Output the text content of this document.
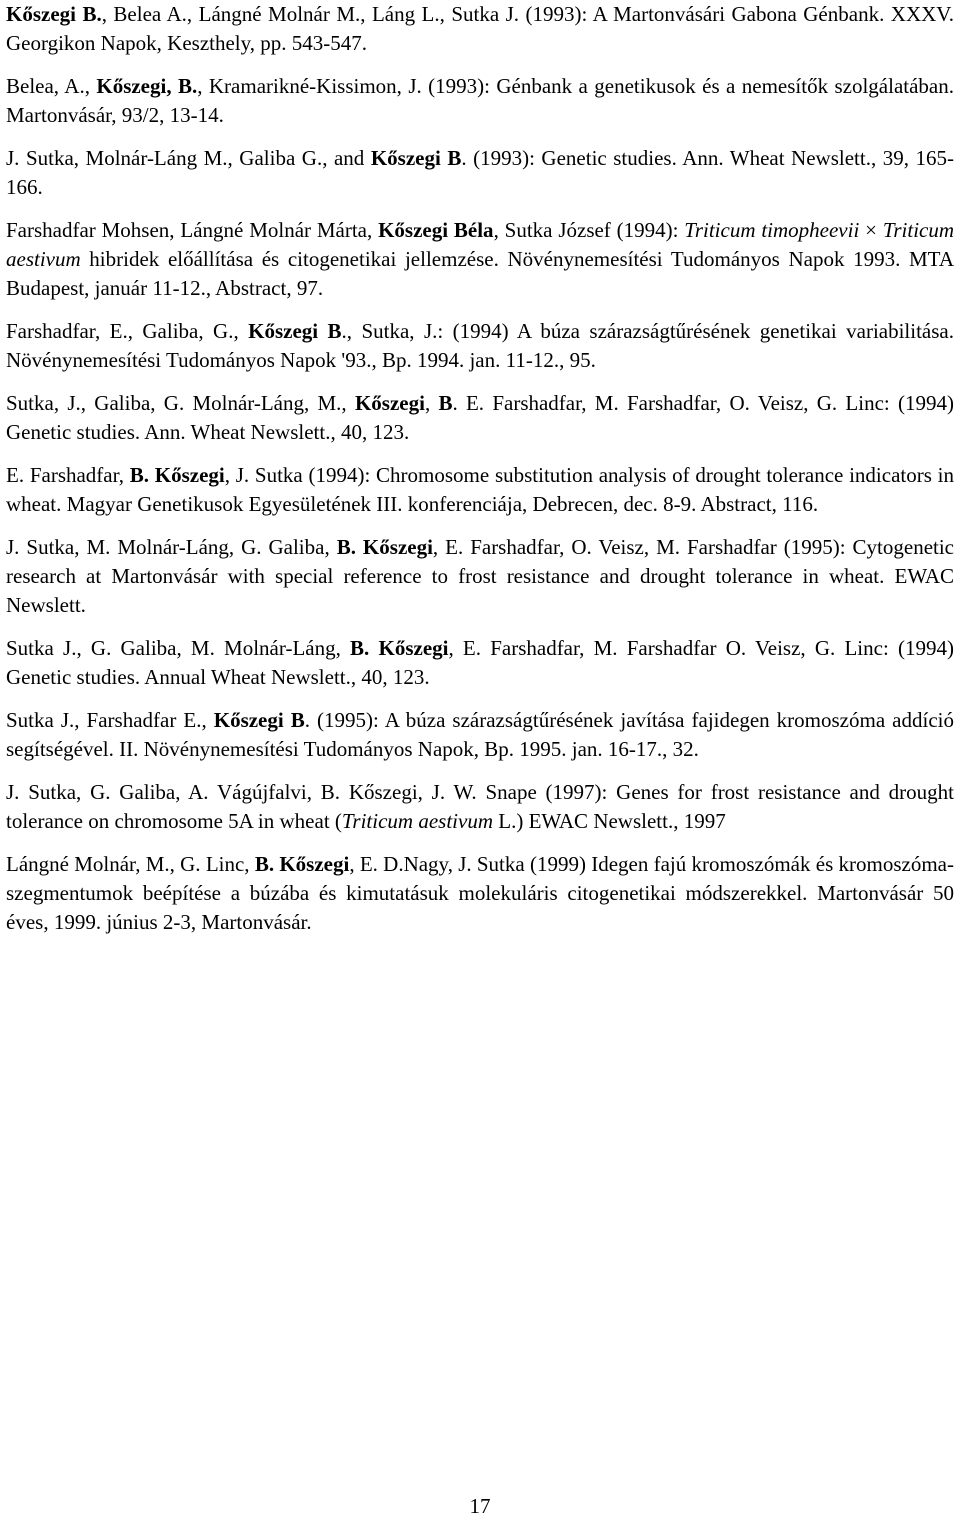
Kőszegi B., Belea A., Lángné Molnár M., Láng L., Sutka J. (1993): A Martonvásári Gabona Génbank. XXXV. Georgikon Napok, Keszthely, pp. 543-547.

Belea, A., Kőszegi, B., Kramarikné-Kissimon, J. (1993): Génbank a genetikusok és a nemesítők szolgálatában. Martonvásár, 93/2, 13-14.

J. Sutka, Molnár-Láng M., Galiba G., and Kőszegi B. (1993): Genetic studies. Ann. Wheat Newslett., 39, 165-166.

Farshadfar Mohsen, Lángné Molnár Márta, Kőszegi Béla, Sutka József (1994): Triticum timopheevii × Triticum aestivum hibridek előállítása és citogenetikai jellemzése. Növénynemesítési Tudományos Napok 1993. MTA Budapest, január 11-12., Abstract, 97.

Farshadfar, E., Galiba, G., Kőszegi B., Sutka, J.: (1994) A búza szárazságtűrésének genetikai variabilitása. Növénynemesítési Tudományos Napok '93., Bp. 1994. jan. 11-12., 95.

Sutka, J., Galiba, G. Molnár-Láng, M., Kőszegi, B. E. Farshadfar, M. Farshadfar, O. Veisz, G. Linc: (1994) Genetic studies. Ann. Wheat Newslett., 40, 123.

E. Farshadfar, B. Kőszegi, J. Sutka (1994): Chromosome substitution analysis of drought tolerance indicators in wheat. Magyar Genetikusok Egyesületének III. konferenciája, Debrecen, dec. 8-9. Abstract, 116.

J. Sutka, M. Molnár-Láng, G. Galiba, B. Kőszegi, E. Farshadfar, O. Veisz, M. Farshadfar (1995): Cytogenetic research at Martonvásár with special reference to frost resistance and drought tolerance in wheat. EWAC Newslett.

Sutka J., G. Galiba, M. Molnár-Láng, B. Kőszegi, E. Farshadfar, M. Farshadfar O. Veisz, G. Linc: (1994) Genetic studies. Annual Wheat Newslett., 40, 123.

Sutka J., Farshadfar E., Kőszegi B. (1995): A búza szárazságtűrésének javítása fajidegen kromoszóma addíció segítségével. II. Növénynemesítési Tudományos Napok, Bp. 1995. jan. 16-17., 32.

J. Sutka, G. Galiba, A. Vágújfalvi, B. Kőszegi, J. W. Snape (1997): Genes for frost resistance and drought tolerance on chromosome 5A in wheat (Triticum aestivum L.) EWAC Newslett., 1997

Lángné Molnár, M., G. Linc, B. Kőszegi, E. D.Nagy, J. Sutka (1999) Idegen fajú kromoszómák és kromoszóma-szegmentumok beépítése a búzába és kimutatásuk molekuláris citogenetikai módszerekkel. Martonvásár 50 éves, 1999. június 2-3, Martonvásár.

17
